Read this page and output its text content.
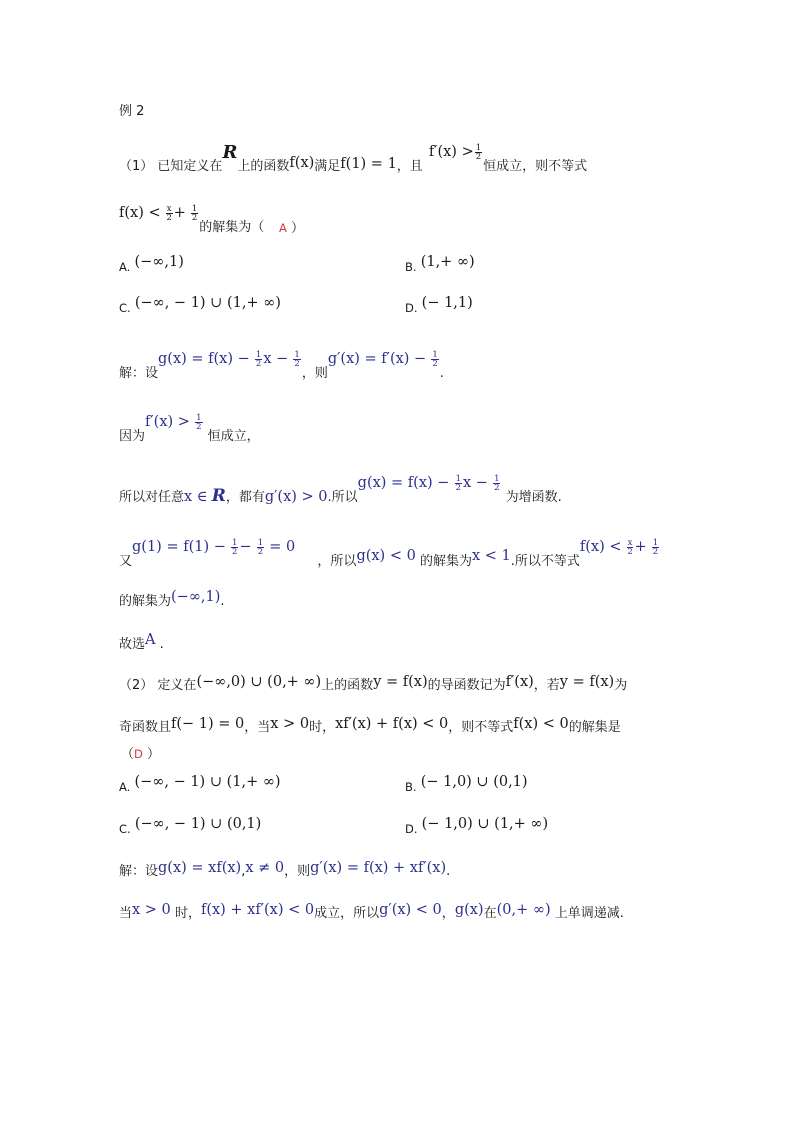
例 2
（1） 已知定义在R上的函数f(x)满足f(1) = 1，且$f'(x) > \frac{1}{2}$
恒成立，则不等式
$f(x) < \frac{x}{2} + \frac{1}{2}$
的解集为（ A ）
A. (−∞,1)	B. (1,+ ∞)
C. (−∞, − 1) ∪ (1,+ ∞)	D. (− 1,1)
解：设$g(x) = f(x) - \frac{1}{2}$ $x - \frac{1}{2}$
，则$g'(x) = f'(x) - \frac{1}{2}$
.
因为$f'(x) > \frac{1}{2}$
恒成立，
所以对任意x ∈ R，都有g′(x) > 0.所以$g(x) = f(x) - \frac{1}{2}$ $x - \frac{1}{2}$
为增函数.
又$g(1) = f(1) - \frac{1}{2} - \frac{1}{2} = 0$ ，所以g(x) < 0 的解集为x < 1.所以不等式$f(x) < \frac{x}{2} + \frac{1}{2}$
的解集为(−∞,1).
故选A .
（2） 定义在(−∞,0) ∪ (0,+ ∞)上的函数y = f(x)的导函数记为f′(x)，若y = f(x)为
奇函数且f(− 1) = 0，当x > 0时，xf′(x) + f(x) < 0，则不等式f(x) < 0的解集是
（D ）
A. (−∞, − 1) ∪ (1,+ ∞)	B. (− 1,0) ∪ (0,1)
C. (−∞, − 1) ∪ (0,1)	D. (− 1,0) ∪ (1,+ ∞)
解：设g(x) = xf(x),x ≠ 0，则g′(x) = f(x) + xf′(x).
当x > 0 时，f(x) + xf′(x) < 0成立，所以g′(x) < 0，g(x)在(0,+ ∞) 上单调递减.
